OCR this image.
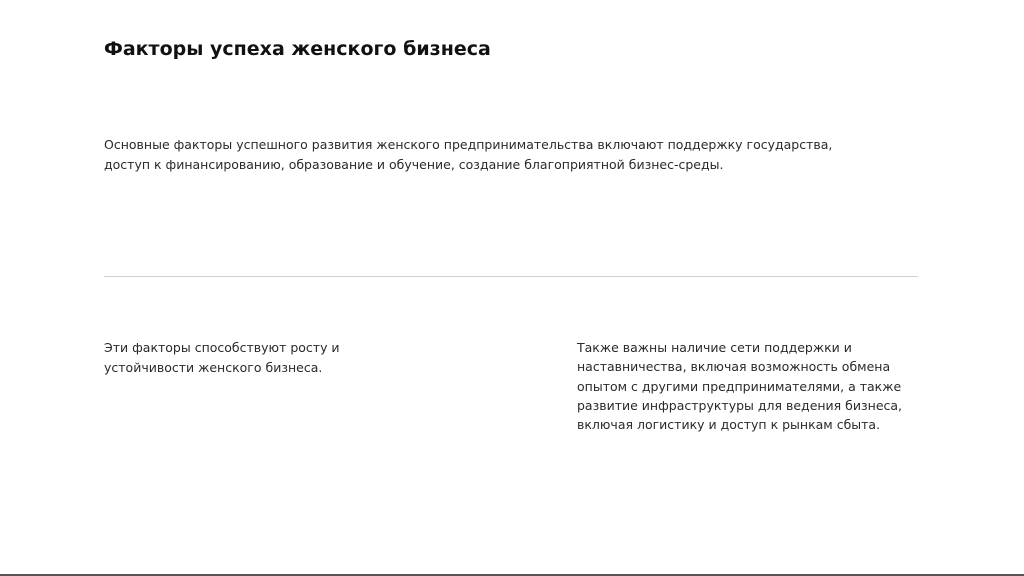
Факторы успеха женского бизнеса

Основные факторы успешного развития женского предпринимательства включают поддержку государства, доступ к финансированию, образование и обучение, создание благоприятной бизнес-среды.

Эти факторы способствуют росту и устойчивости женского бизнеса.

Также важны наличие сети поддержки и наставничества, включая возможность обмена опытом с другими предпринимателями, а также развитие инфраструктуры для ведения бизнеса, включая логистику и доступ к рынкам сбыта.
